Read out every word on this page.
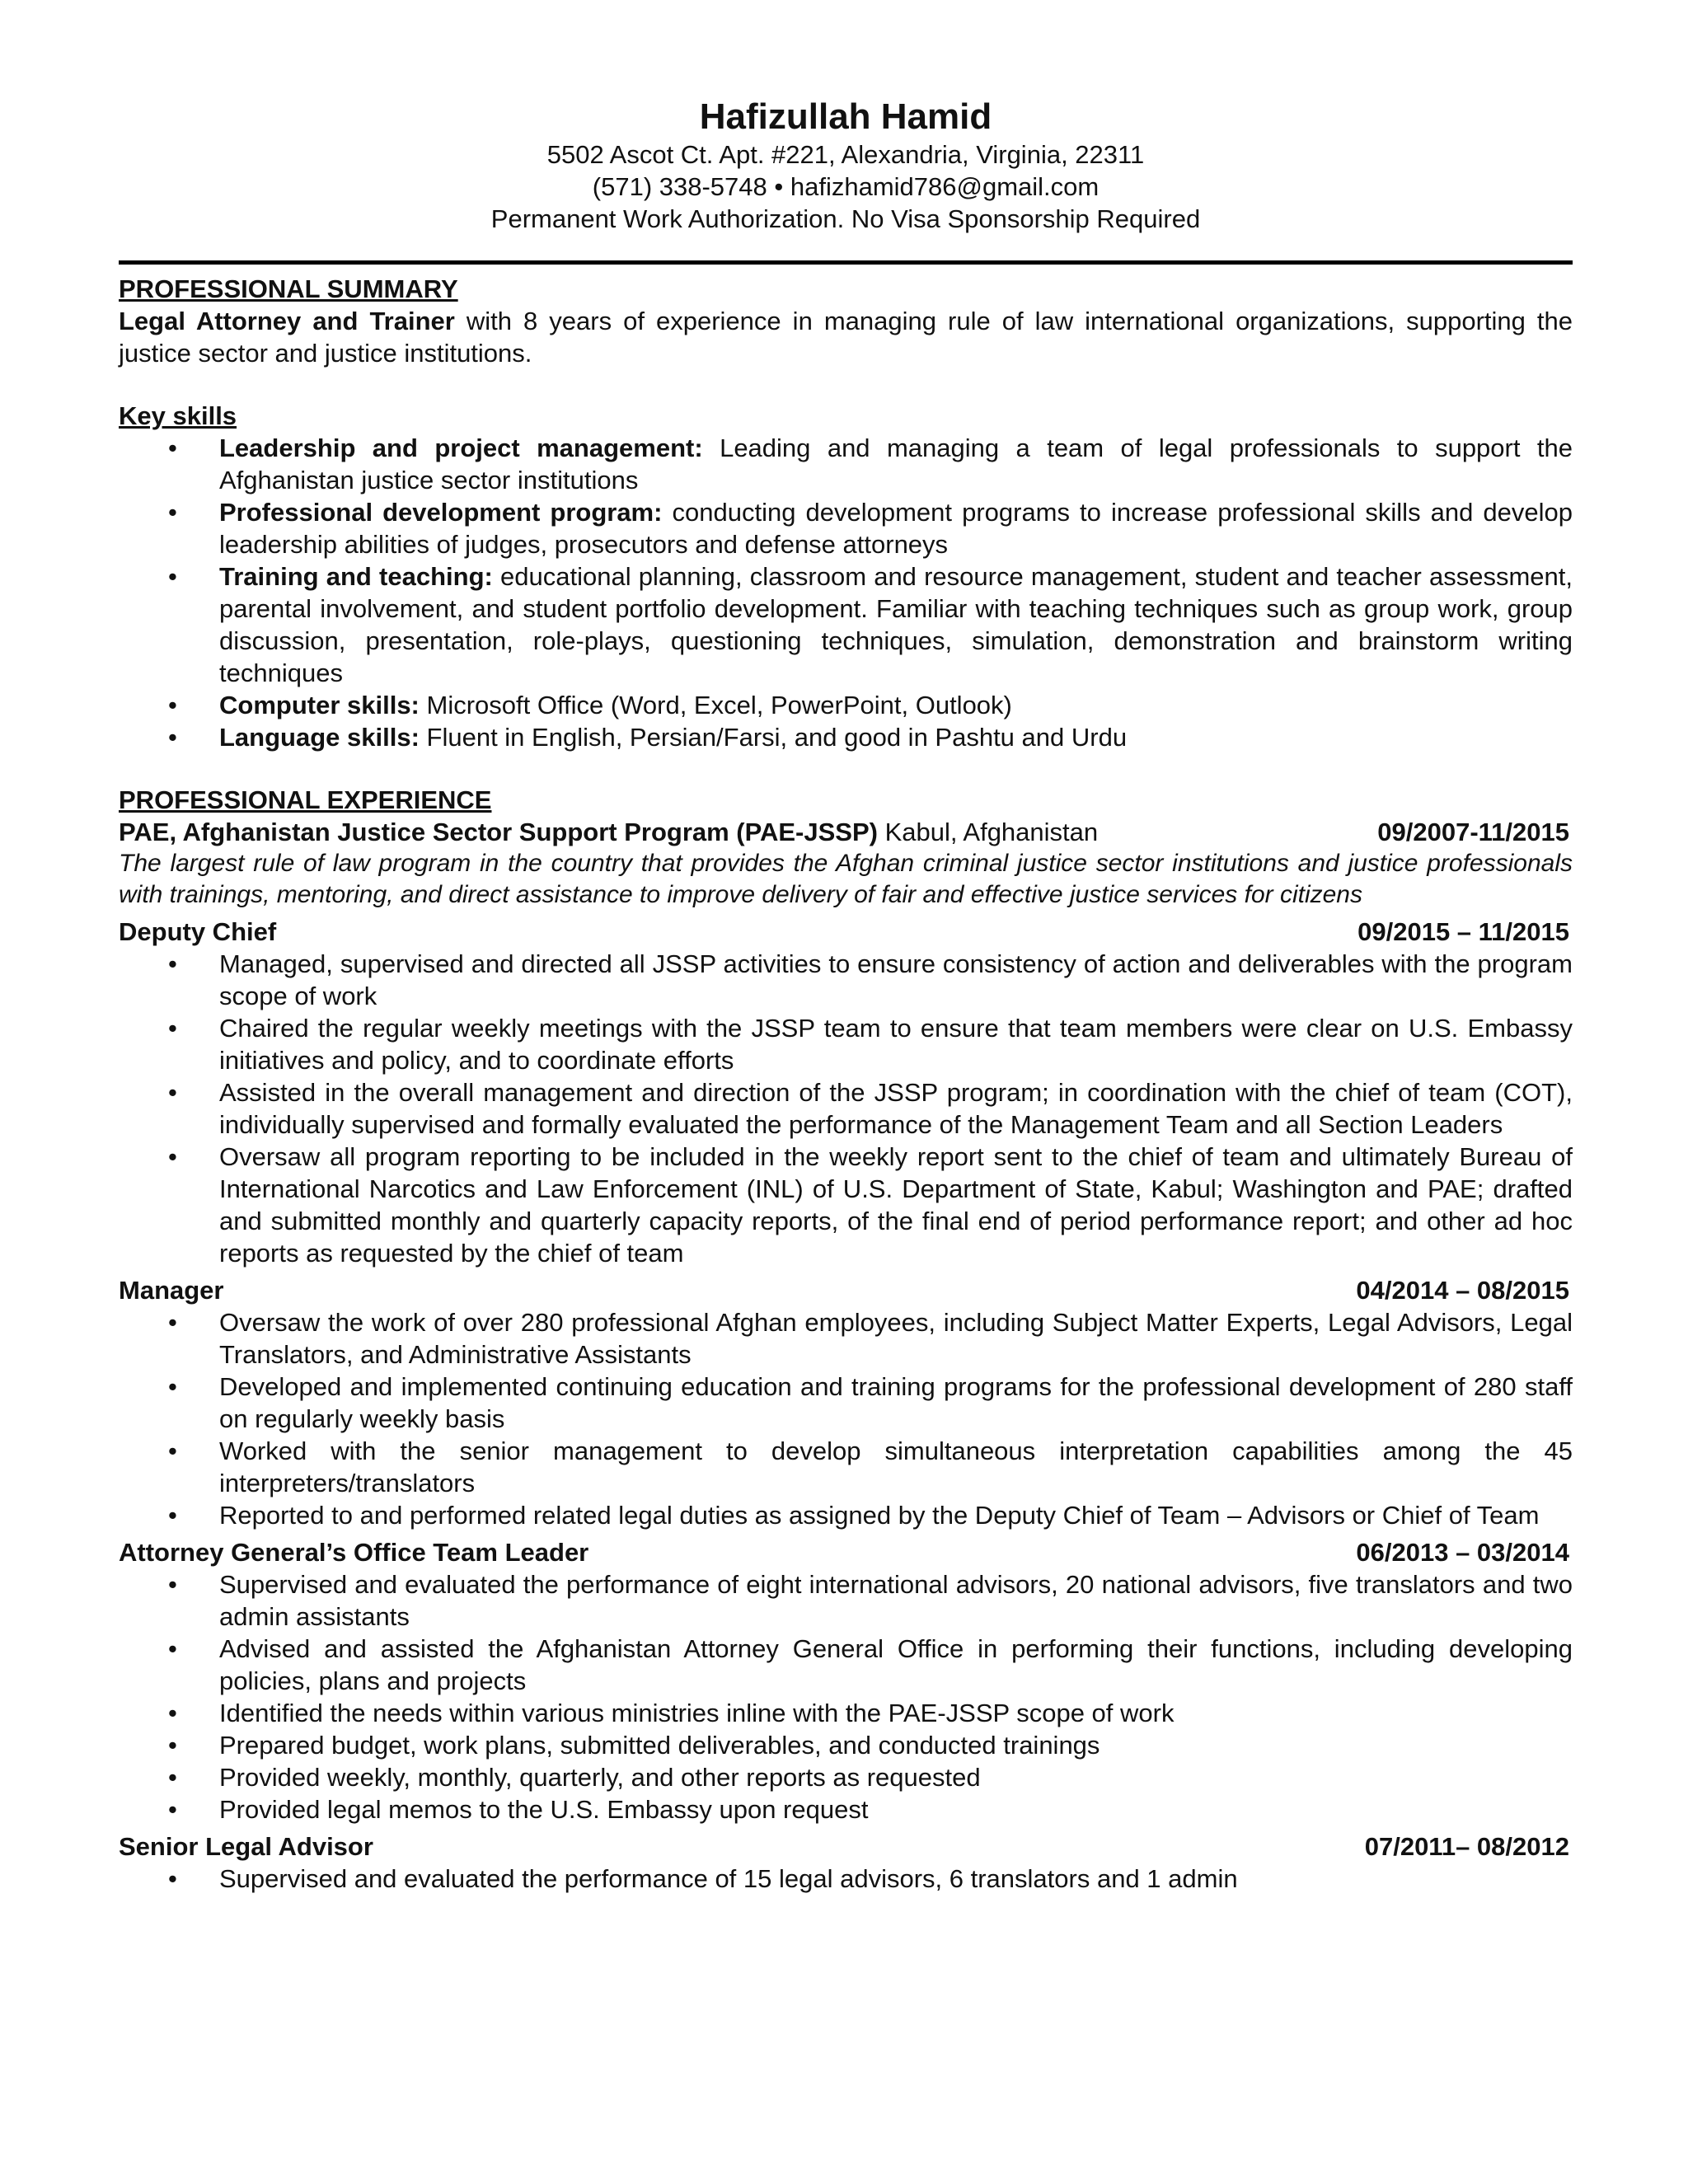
Hafizullah Hamid
5502 Ascot Ct. Apt. #221, Alexandria, Virginia, 22311
(571) 338-5748 • hafizhamid786@gmail.com
Permanent Work Authorization. No Visa Sponsorship Required
PROFESSIONAL SUMMARY

Legal Attorney and Trainer with 8 years of experience in managing rule of law international organizations, supporting the justice sector and justice institutions.

Key skills
• Leadership and project management: Leading and managing a team of legal professionals to support the Afghanistan justice sector institutions
• Professional development program: conducting development programs to increase professional skills and develop leadership abilities of judges, prosecutors and defense attorneys
• Training and teaching: educational planning, classroom and resource management, student and teacher assessment, parental involvement, and student portfolio development. Familiar with teaching techniques such as group work, group discussion, presentation, role-plays, questioning techniques, simulation, demonstration and brainstorm writing techniques
• Computer skills: Microsoft Office (Word, Excel, PowerPoint, Outlook)
• Language skills: Fluent in English, Persian/Farsi, and good in Pashtu and Urdu
PROFESSIONAL EXPERIENCE
PAE, Afghanistan Justice Sector Support Program (PAE-JSSP) Kabul, Afghanistan	09/2007-11/2015

The largest rule of law program in the country that provides the Afghan criminal justice sector institutions and justice professionals with trainings, mentoring, and direct assistance to improve delivery of fair and effective justice services for citizens

Deputy Chief	09/2015 – 11/2015
• Managed, supervised and directed all JSSP activities to ensure consistency of action and deliverables with the program scope of work
• Chaired the regular weekly meetings with the JSSP team to ensure that team members were clear on U.S. Embassy initiatives and policy, and to coordinate efforts
• Assisted in the overall management and direction of the JSSP program; in coordination with the chief of team (COT), individually supervised and formally evaluated the performance of the Management Team and all Section Leaders
• Oversaw all program reporting to be included in the weekly report sent to the chief of team and ultimately Bureau of International Narcotics and Law Enforcement (INL) of U.S. Department of State, Kabul; Washington and PAE; drafted and submitted monthly and quarterly capacity reports, of the final end of period performance report; and other ad hoc reports as requested by the chief of team
Manager	04/2014 – 08/2015
• Oversaw the work of over 280 professional Afghan employees, including Subject Matter Experts, Legal Advisors, Legal Translators, and Administrative Assistants
• Developed and implemented continuing education and training programs for the professional development of 280 staff on regularly weekly basis
• Worked with the senior management to develop simultaneous interpretation capabilities among the 45 interpreters/translators
• Reported to and performed related legal duties as assigned by the Deputy Chief of Team – Advisors or Chief of Team
Attorney General’s Office Team Leader	06/2013 – 03/2014
• Supervised and evaluated the performance of eight international advisors, 20 national advisors, five translators and two admin assistants
• Advised and assisted the Afghanistan Attorney General Office in performing their functions, including developing policies, plans and projects
• Identified the needs within various ministries inline with the PAE-JSSP scope of work
• Prepared budget, work plans, submitted deliverables, and conducted trainings
• Provided weekly, monthly, quarterly, and other reports as requested
• Provided legal memos to the U.S. Embassy upon request
Senior Legal Advisor	07/2011– 08/2012
• Supervised and evaluated the performance of 15 legal advisors, 6 translators and 1 admin
